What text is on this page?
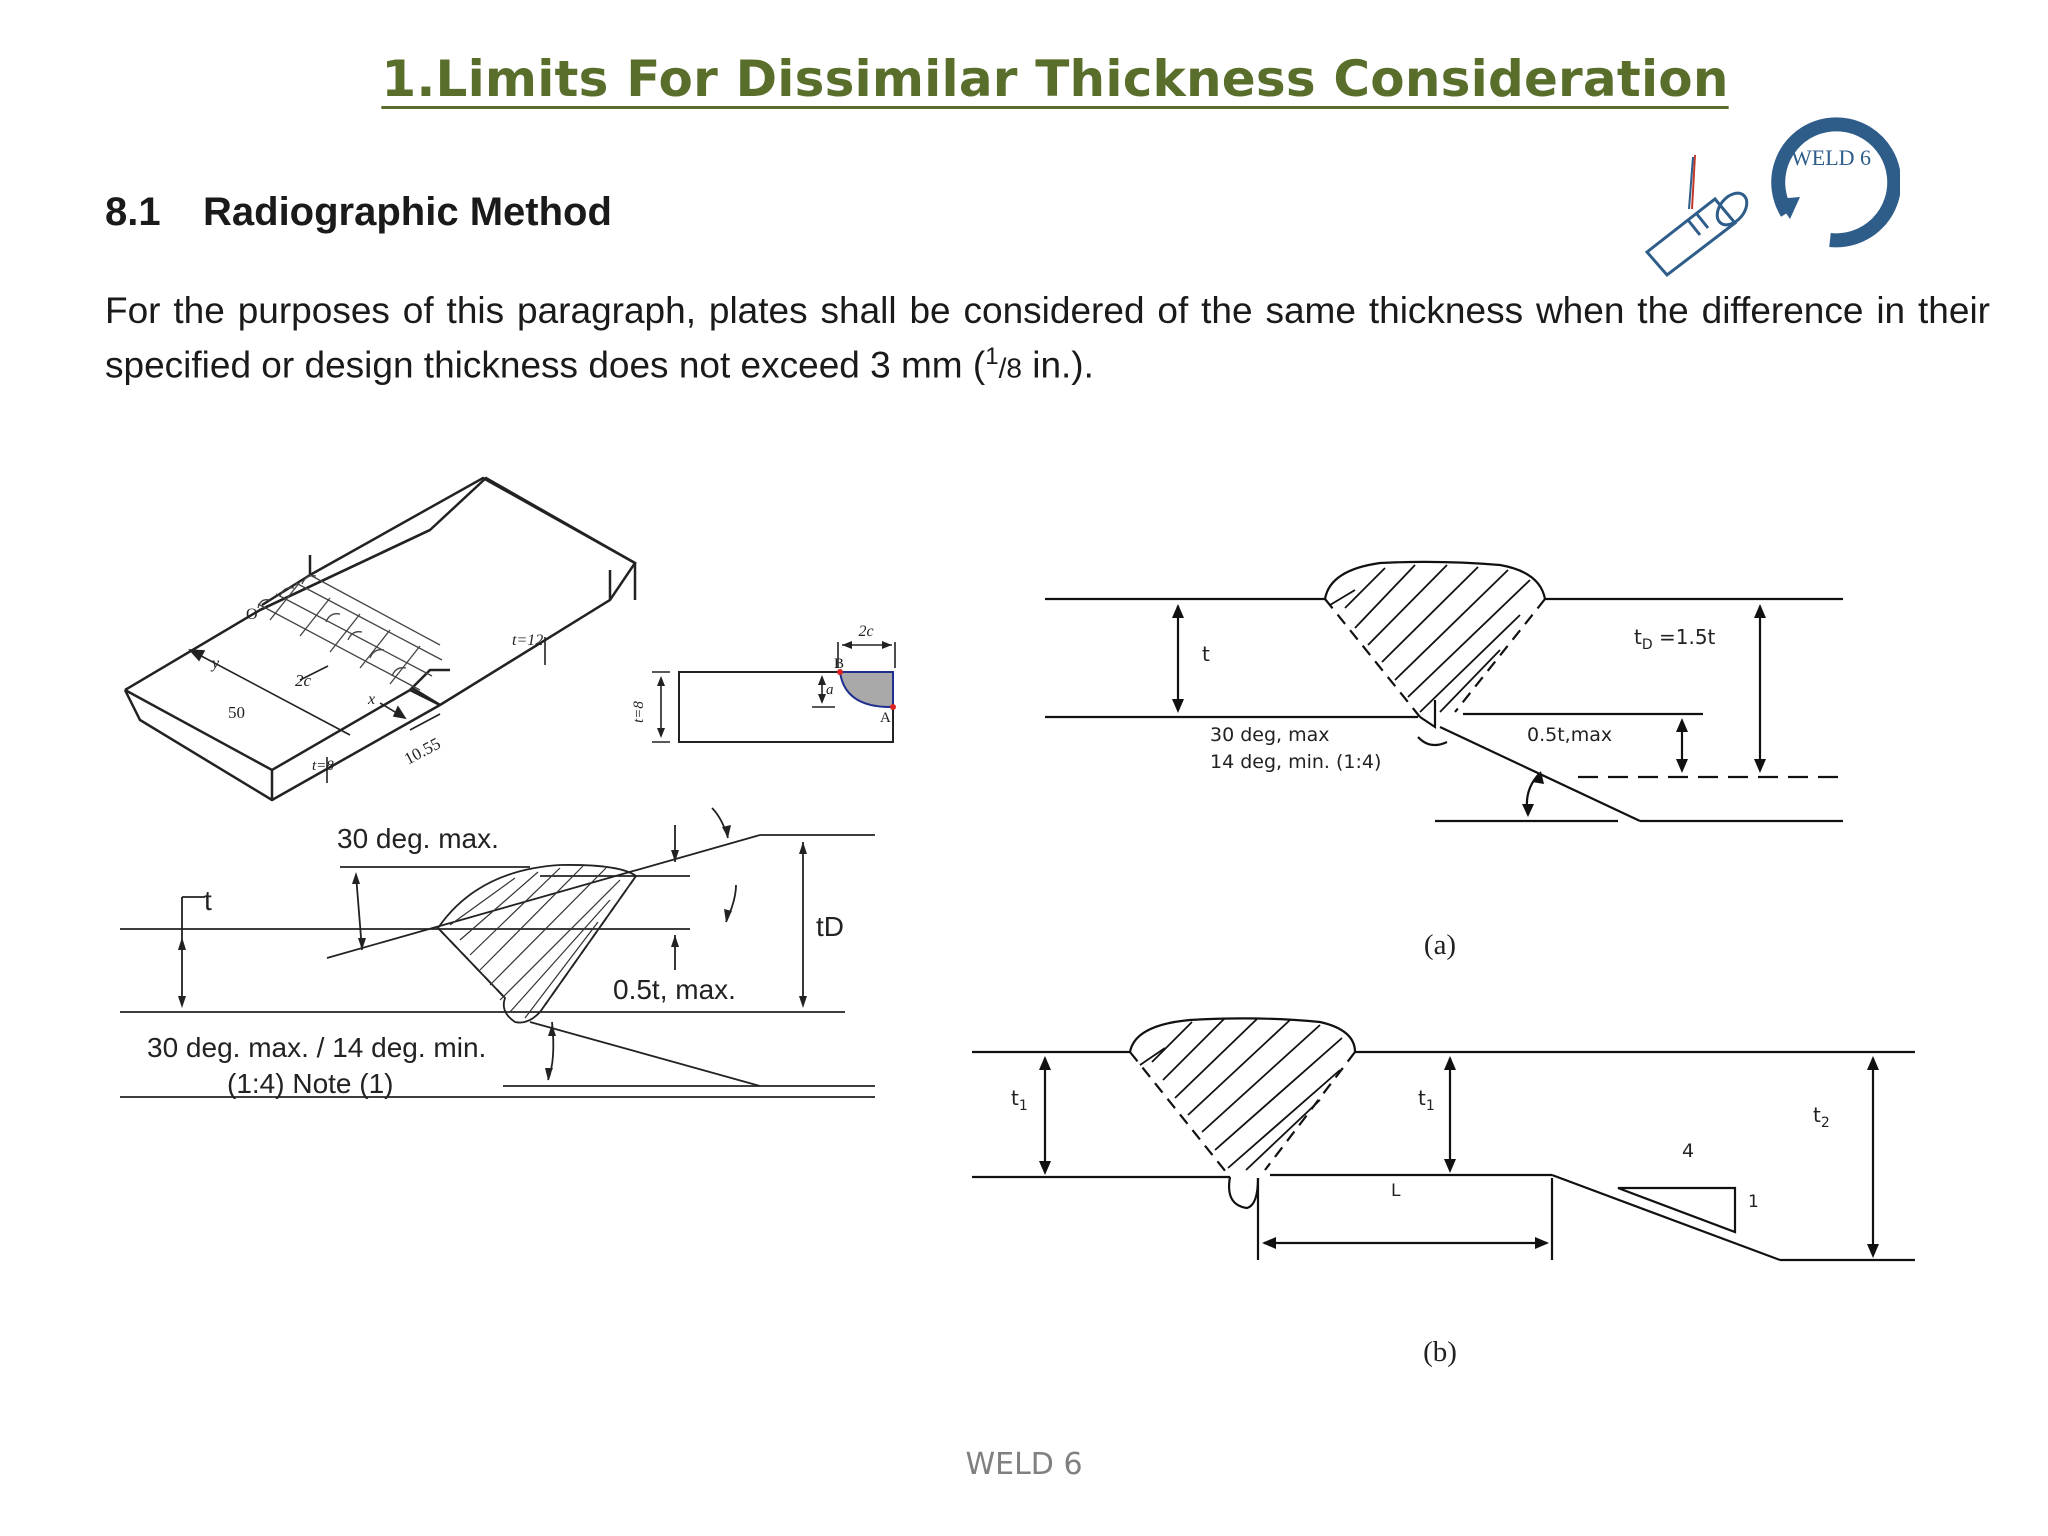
1.Limits For Dissimilar Thickness Consideration
8.1 Radiographic Method
For the purposes of this paragraph, plates shall be considered of the same thickness when the difference in their specified or design thickness does not exceed 3 mm ($^1$/8 in.).
WELD 6
O
y
2c
x
50
t=12
t=8	10.55
2c
B
a
A
t=8
30 deg. max.
t
tD
0.5t, max.
30 deg. max. / 14 deg. min.
(1:4) Note (1)
t
$t_D =1.5t$
0.5t,max
30 deg, max
14 deg, min. (1:4)
(a)
$t_1$	$t_1$	$t_2$
4
1
L
(b)
WELD 6
